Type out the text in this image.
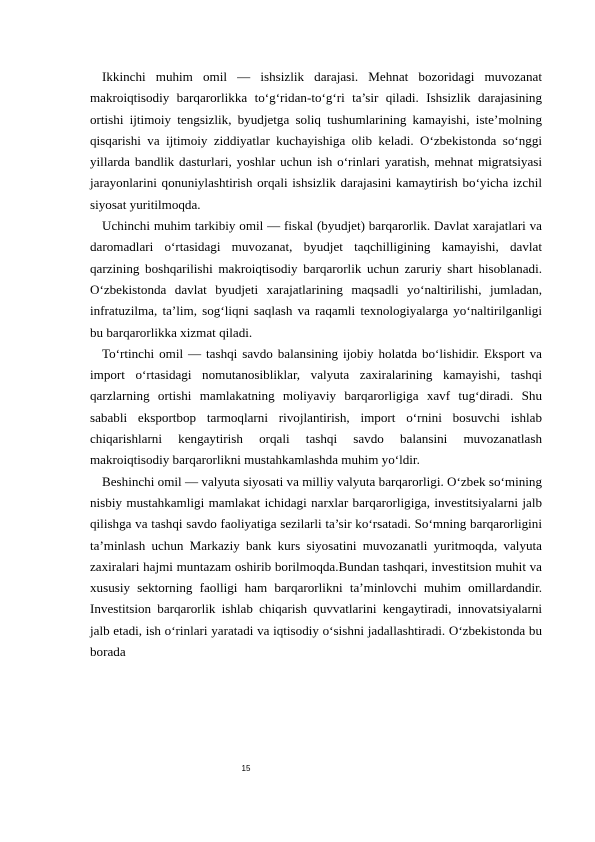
Ikkinchi muhim omil — ishsizlik darajasi. Mehnat bozoridagi muvozanat makroiqtisodiy barqarorlikka to‘g‘ridan-to‘g‘ri ta’sir qiladi. Ishsizlik darajasining ortishi ijtimoiy tengsizlik, byudjetga soliq tushumlarining kamayishi, iste’molning qisqarishi va ijtimoiy ziddiyatlar kuchayishiga olib keladi. O‘zbekistonda so‘nggi yillarda bandlik dasturlari, yoshlar uchun ish o‘rinlari yaratish, mehnat migratsiyasi jarayonlarini qonuniylashtirish orqali ishsizlik darajasini kamaytirish bo‘yicha izchil siyosat yuritilmoqda.

Uchinchi muhim tarkibiy omil — fiskal (byudjet) barqarorlik. Davlat xarajatlari va daromadlari o‘rtasidagi muvozanat, byudjet taqchilligining kamayishi, davlat qarzining boshqarilishi makroiqtisodiy barqarorlik uchun zaruriy shart hisoblanadi. O‘zbekistonda davlat byudjeti xarajatlarining maqsadli yo‘naltirilishi, jumladan, infratuzilma, ta’lim, sog‘liqni saqlash va raqamli texnologiyalarga yo‘naltirilganligi bu barqarorlikka xizmat qiladi.

To‘rtinchi omil — tashqi savdo balansining ijobiy holatda bo‘lishidir. Eksport va import o‘rtasidagi nomutanosibliklar, valyuta zaxiralarining kamayishi, tashqi qarzlarning ortishi mamlakatning moliyaviy barqarorligiga xavf tug‘diradi. Shu sababli eksportbop tarmoqlarni rivojlantirish, import o‘rnini bosuvchi ishlab chiqarishlarni kengaytirish orqali tashqi savdo balansini muvozanatlash makroiqtisodiy barqarorlikni mustahkamlashda muhim yo‘ldir.

Beshinchi omil — valyuta siyosati va milliy valyuta barqarorligi. O‘zbek so‘mining nisbiy mustahkamligi mamlakat ichidagi narxlar barqarorligiga, investitsiyalarni jalb qilishga va tashqi savdo faoliyatiga sezilarli ta’sir ko‘rsatadi. So‘mning barqarorligini ta’minlash uchun Markaziy bank kurs siyosatini muvozanatli yuritmoqda, valyuta zaxiralari hajmi muntazam oshirib borilmoqda.Bundan tashqari, investitsion muhit va xususiy sektorning faolligi ham barqarorlikni ta’minlovchi muhim omillardandir. Investitsion barqarorlik ishlab chiqarish quvvatlarini kengaytiradi, innovatsiyalarni jalb etadi, ish o‘rinlari yaratadi va iqtisodiy o‘sishni jadallashtiradi. O‘zbekistonda bu borada

15
